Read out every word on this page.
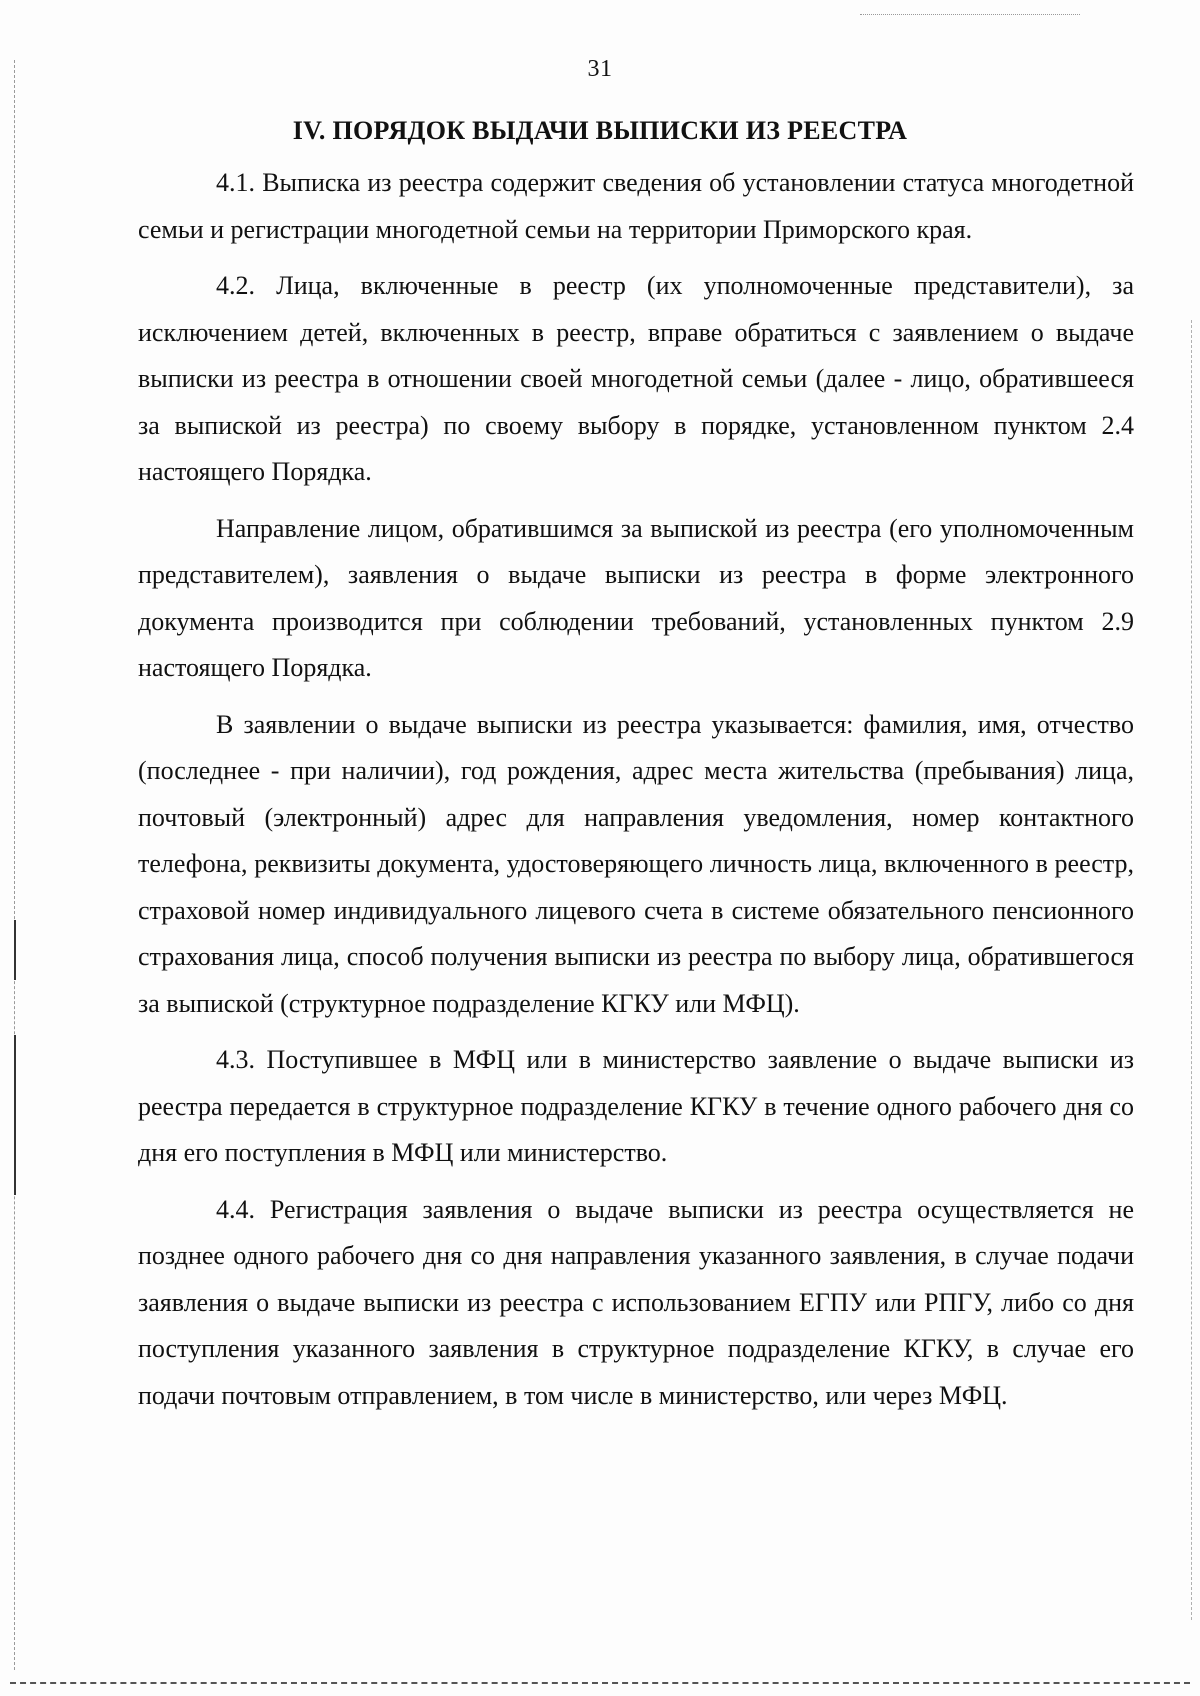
31
IV. ПОРЯДОК ВЫДАЧИ ВЫПИСКИ ИЗ РЕЕСТРА

4.1. Выписка из реестра содержит сведения об установлении статуса многодетной семьи и регистрации многодетной семьи на территории Приморского края.

4.2. Лица, включенные в реестр (их уполномоченные представители), за исключением детей, включенных в реестр, вправе обратиться с заявлением о выдаче выписки из реестра в отношении своей многодетной семьи (далее - лицо, обратившееся за выпиской из реестра) по своему выбору в порядке, установленном пунктом 2.4 настоящего Порядка.

Направление лицом, обратившимся за выпиской из реестра (его уполномоченным представителем), заявления о выдаче выписки из реестра в форме электронного документа производится при соблюдении требований, установленных пунктом 2.9 настоящего Порядка.

В заявлении о выдаче выписки из реестра указывается: фамилия, имя, отчество (последнее - при наличии), год рождения, адрес места жительства (пребывания) лица, почтовый (электронный) адрес для направления уведомления, номер контактного телефона, реквизиты документа, удостоверяющего личность лица, включенного в реестр, страховой номер индивидуального лицевого счета в системе обязательного пенсионного страхования лица, способ получения выписки из реестра по выбору лица, обратившегося за выпиской (структурное подразделение КГКУ или МФЦ).

4.3. Поступившее в МФЦ или в министерство заявление о выдаче выписки из реестра передается в структурное подразделение КГКУ в течение одного рабочего дня со дня его поступления в МФЦ или министерство.

4.4. Регистрация заявления о выдаче выписки из реестра осуществляется не позднее одного рабочего дня со дня направления указанного заявления, в случае подачи заявления о выдаче выписки из реестра с использованием ЕГПУ или РПГУ, либо со дня поступления указанного заявления в структурное подразделение КГКУ, в случае его подачи почтовым отправлением, в том числе в министерство, или через МФЦ.
